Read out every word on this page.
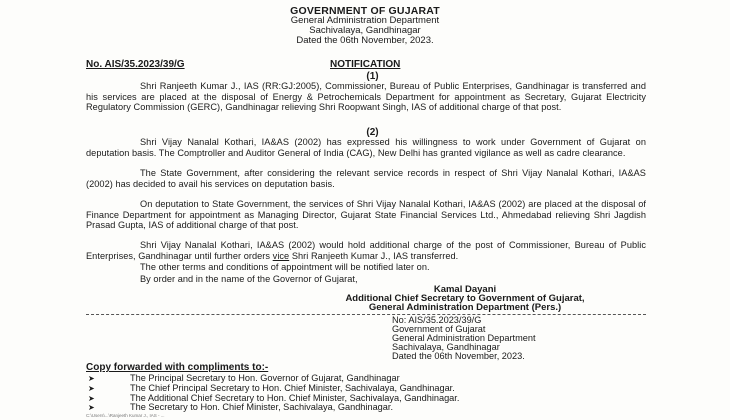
GOVERNMENT OF GUJARAT
General Administration Department
Sachivalaya, Gandhinagar
Dated the 06th November, 2023.
No. AIS/35.2023/39/G	NOTIFICATION
(1)
Shri Ranjeeth Kumar J., IAS (RR:GJ:2005), Commissioner, Bureau of Public Enterprises, Gandhinagar is transferred and his services are placed at the disposal of Energy & Petrochemicals Department for appointment as Secretary, Gujarat Electricity Regulatory Commission (GERC), Gandhinagar relieving Shri Roopwant Singh, IAS of additional charge of that post.
(2)
Shri Vijay Nanalal Kothari, IA&AS (2002) has expressed his willingness to work under Government of Gujarat on deputation basis. The Comptroller and Auditor General of India (CAG), New Delhi has granted vigilance as well as cadre clearance.
The State Government, after considering the relevant service records in respect of Shri Vijay Nanalal Kothari, IA&AS (2002) has decided to avail his services on deputation basis.
On deputation to State Government, the services of Shri Vijay Nanalal Kothari, IA&AS (2002) are placed at the disposal of Finance Department for appointment as Managing Director, Gujarat State Financial Services Ltd., Ahmedabad relieving Shri Jagdish Prasad Gupta, IAS of additional charge of that post.
Shri Vijay Nanalal Kothari, IA&AS (2002) would hold additional charge of the post of Commissioner, Bureau of Public Enterprises, Gandhinagar until further orders vice Shri Ranjeeth Kumar J., IAS transferred.
The other terms and conditions of appointment will be notified later on.
By order and in the name of the Governor of Gujarat,
Kamal Dayani
Additional Chief Secretary to Government of Gujarat,
General Administration Department (Pers.)
No: AIS/35.2023/39/G
Government of Gujarat
General Administration Department
Sachivalaya, Gandhinagar
Dated the 06th November, 2023.
Copy forwarded with compliments to:-
➤	The Principal Secretary to Hon. Governor of Gujarat, Gandhinagar
➤	The Chief Principal Secretary to Hon. Chief Minister, Sachivalaya, Gandhinagar.
➤	The Additional Chief Secretary to Hon. Chief Minister, Sachivalaya, Gandhinagar.
➤	The Secretary to Hon. Chief Minister, Sachivalaya, Gandhinagar.
C:\Users\...\Ranjeeth Kumar J., IAS - ...
